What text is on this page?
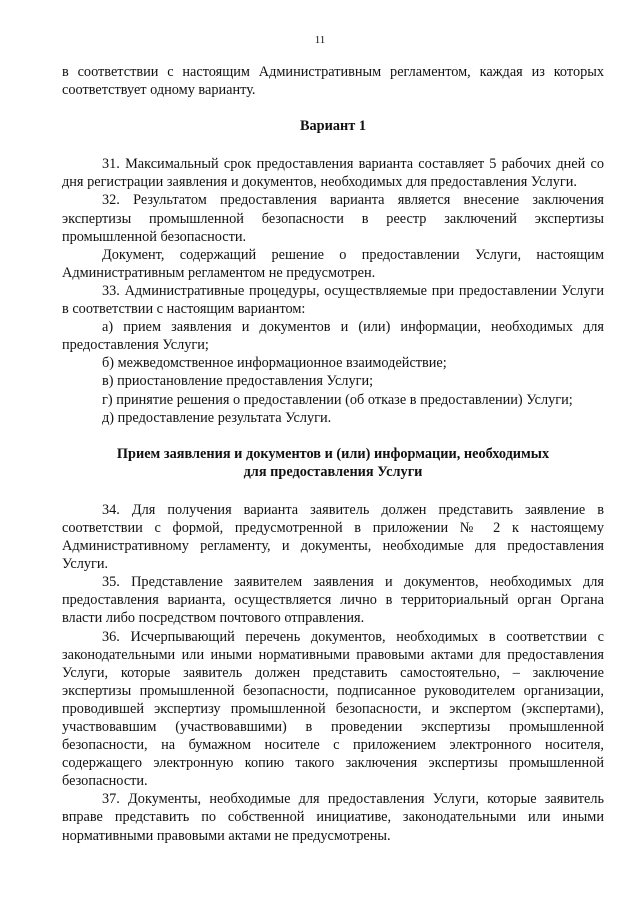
11

в соответствии с настоящим Административным регламентом, каждая из которых соответствует одному варианту.

Вариант 1

31. Максимальный срок предоставления варианта составляет 5 рабочих дней со дня регистрации заявления и документов, необходимых для предоставления Услуги.

32. Результатом предоставления варианта является внесение заключения экспертизы промышленной безопасности в реестр заключений экспертизы промышленной безопасности.

Документ, содержащий решение о предоставлении Услуги, настоящим Административным регламентом не предусмотрен.

33. Административные процедуры, осуществляемые при предоставлении Услуги в соответствии с настоящим вариантом:

а) прием заявления и документов и (или) информации, необходимых для предоставления Услуги;

б) межведомственное информационное взаимодействие;

в) приостановление предоставления Услуги;

г) принятие решения о предоставлении (об отказе в предоставлении) Услуги;

д) предоставление результата Услуги.

Прием заявления и документов и (или) информации, необходимых
для предоставления Услуги

34. Для получения варианта заявитель должен представить заявление в соответствии с формой, предусмотренной в приложении № 2 к настоящему Административному регламенту, и документы, необходимые для предоставления Услуги.

35. Представление заявителем заявления и документов, необходимых для предоставления варианта, осуществляется лично в территориальный орган Органа власти либо посредством почтового отправления.

36. Исчерпывающий перечень документов, необходимых в соответствии с законодательными или иными нормативными правовыми актами для предоставления Услуги, которые заявитель должен представить самостоятельно, – заключение экспертизы промышленной безопасности, подписанное руководителем организации, проводившей экспертизу промышленной безопасности, и экспертом (экспертами), участвовавшим (участвовавшими) в проведении экспертизы промышленной безопасности, на бумажном носителе с приложением электронного носителя, содержащего электронную копию такого заключения экспертизы промышленной безопасности.

37. Документы, необходимые для предоставления Услуги, которые заявитель вправе представить по собственной инициативе, законодательными или иными нормативными правовыми актами не предусмотрены.
